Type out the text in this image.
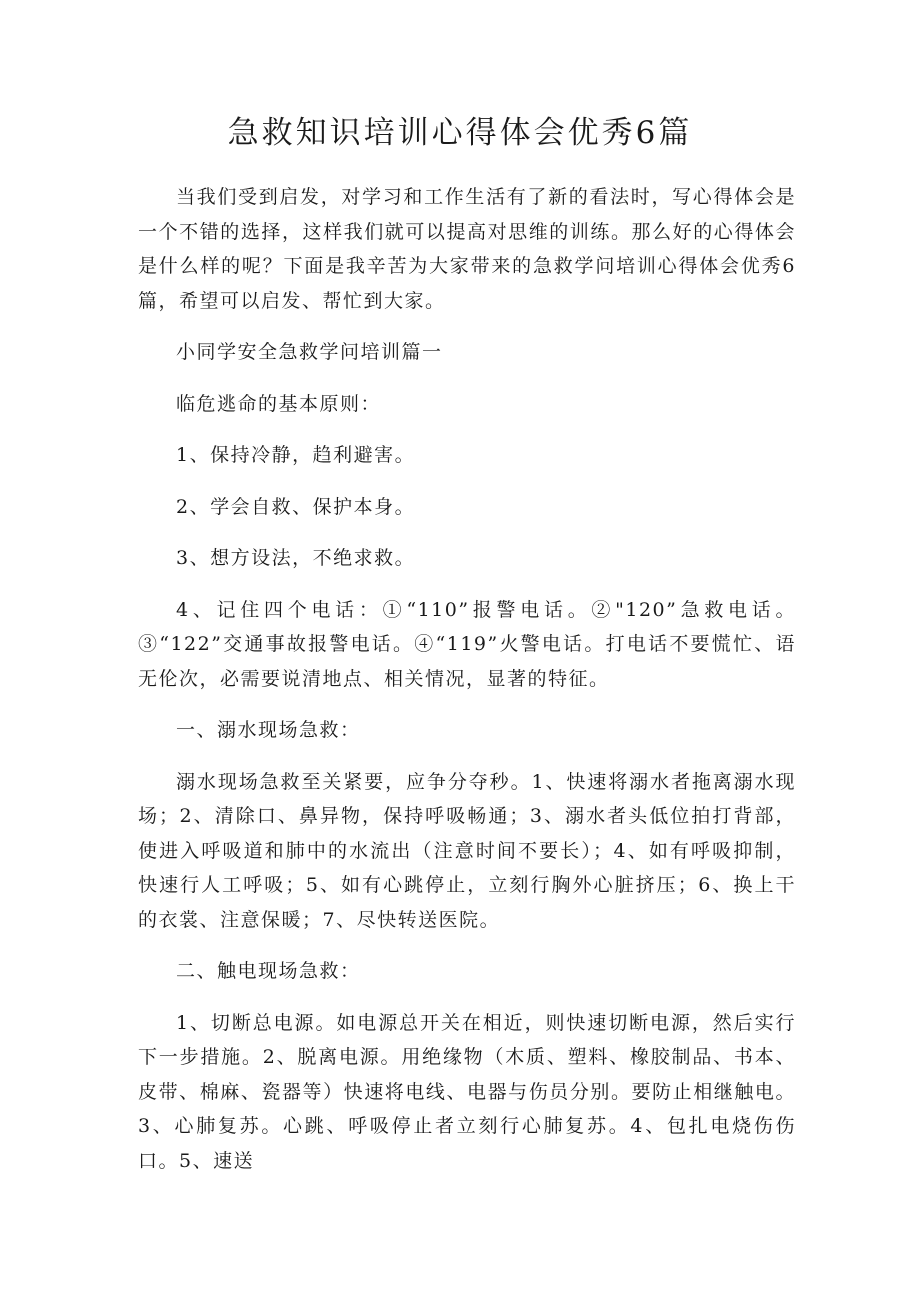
急救知识培训心得体会优秀6篇

当我们受到启发，对学习和工作生活有了新的看法时，写心得体会是一个不错的选择，这样我们就可以提高对思维的训练。那么好的心得体会是什么样的呢？下面是我辛苦为大家带来的急救学问培训心得体会优秀6篇，希望可以启发、帮忙到大家。

小同学安全急救学问培训篇一

临危逃命的基本原则：

1、保持冷静，趋利避害。

2、学会自救、保护本身。

3、想方设法，不绝求救。

4、记住四个电话：①“110”报警电话。②"120”急救电话。③“122”交通事故报警电话。④“119”火警电话。打电话不要慌忙、语无伦次，必需要说清地点、相关情况，显著的特征。

一、溺水现场急救：

溺水现场急救至关紧要，应争分夺秒。1、快速将溺水者拖离溺水现场；2、清除口、鼻异物，保持呼吸畅通；3、溺水者头低位拍打背部，使进入呼吸道和肺中的水流出（注意时间不要长）；4、如有呼吸抑制，快速行人工呼吸；5、如有心跳停止，立刻行胸外心脏挤压；6、换上干的衣裳、注意保暖；7、尽快转送医院。

二、触电现场急救：

1、切断总电源。如电源总开关在相近，则快速切断电源，然后实行下一步措施。2、脱离电源。用绝缘物（木质、塑料、橡胶制品、书本、皮带、棉麻、瓷器等）快速将电线、电器与伤员分别。要防止相继触电。3、心肺复苏。心跳、呼吸停止者立刻行心肺复苏。4、包扎电烧伤伤口。5、速送
